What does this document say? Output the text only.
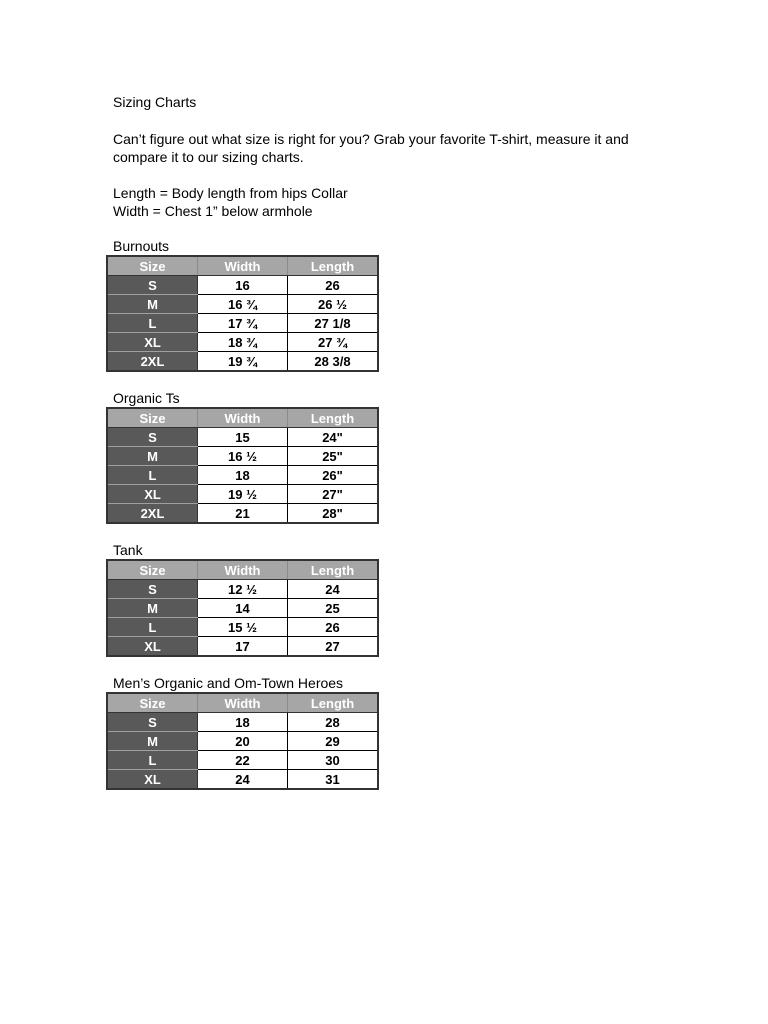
Sizing Charts

Can’t figure out what size is right for you? Grab your favorite T-shirt, measure it and compare it to our sizing charts.

Length = Body length from hips Collar
Width = Chest 1” below armhole
Burnouts
Size	Width	Length
S	16	26
M	16 ¾	26 ½
L	17 ¾	27 1/8
XL	18 ¾	27 ¾
2XL	19 ¾	28 3/8
Organic Ts
Size	Width	Length
S	15	24"
M	16 ½	25"
L	18	26"
XL	19 ½	27"
2XL	21	28"
Tank
Size	Width	Length
S	12 ½	24
M	14	25
L	15 ½	26
XL	17	27
Men’s Organic and Om-Town Heroes
Size	Width	Length
S	18	28
M	20	29
L	22	30
XL	24	31
